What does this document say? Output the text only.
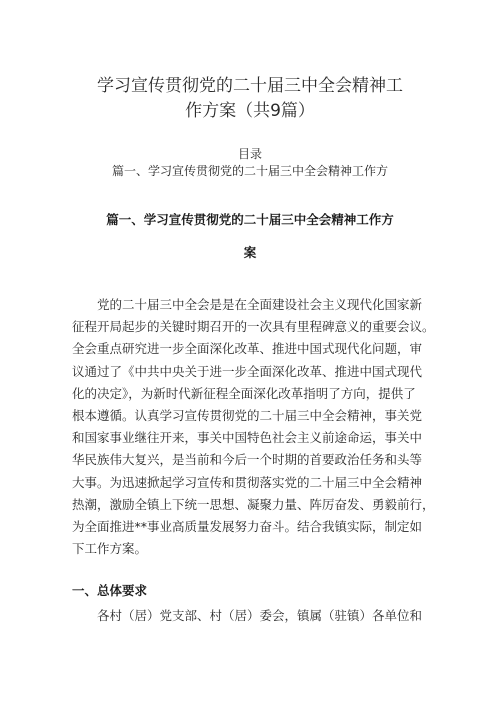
学习宣传贯彻党的二十届三中全会精神工
作方案（共9篇）
目录
篇一、学习宣传贯彻党的二十届三中全会精神工作方
篇一、学习宣传贯彻党的二十届三中全会精神工作方
案
　　党的二十届三中全会是是在全面建设社会主义现代化国家新
征程开局起步的关键时期召开的一次具有里程碑意义的重要会议。
全会重点研究进一步全面深化改革、推进中国式现代化问题，审
议通过了《中共中央关于进一步全面深化改革、推进中国式现代
化的决定》，为新时代新征程全面深化改革指明了方向，提供了
根本遵循。认真学习宣传贯彻党的二十届三中全会精神，事关党
和国家事业继往开来，事关中国特色社会主义前途命运，事关中
华民族伟大复兴，是当前和今后一个时期的首要政治任务和头等
大事。为迅速掀起学习宣传和贯彻落实党的二十届三中全会精神
热潮，激励全镇上下统一思想、凝聚力量、阵厉奋发、勇毅前行，
为全面推进**事业高质量发展努力奋斗。结合我镇实际，制定如
下工作方案。
一、总体要求
　　各村（居）党支部、村（居）委会，镇属（驻镇）各单位和
